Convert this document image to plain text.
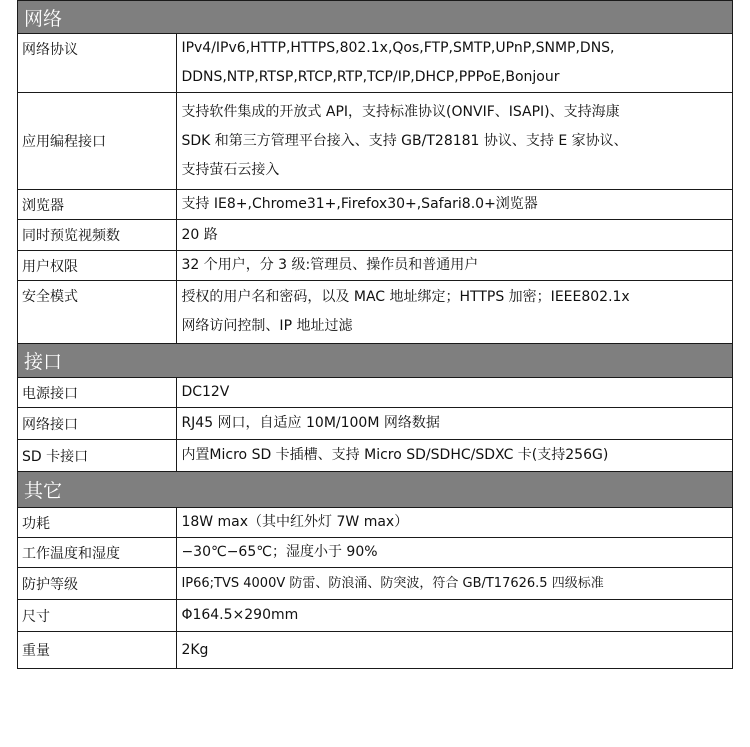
网络	
网络协议	IPv4/IPv6,HTTP,HTTPS,802.1x,Qos,FTP,SMTP,UPnP,SNMP,DNS,
DDNS,NTP,RTSP,RTCP,RTP,TCP/IP,DHCP,PPPoE,Bonjour

应用编程接口	支持软件集成的开放式 API，支持标准协议(ONVIF、ISAPI)、支持海康
SDK 和第三方管理平台接入、支持 GB/T28181 协议、支持 E 家协议、
支持萤石云接入

浏览器	支持 IE8+,Chrome31+,Firefox30+,Safari8.0+浏览器

同时预览视频数	20 路

用户权限	32 个用户，分 3 级:管理员、操作员和普通用户

安全模式	授权的用户名和密码，以及 MAC 地址绑定；HTTPS 加密；IEEE802.1x
网络访问控制、IP 地址过滤

接口	
电源接口	DC12V

网络接口	RJ45 网口，自适应 10M/100M 网络数据

SD 卡接口	内置Micro SD 卡插槽、支持 Micro SD/SDHC/SDXC 卡(支持256G)

其它	
功耗	18W max（其中红外灯 7W max）

工作温度和湿度	−30℃−65℃；湿度小于 90%

防护等级	IP66;TVS 4000V 防雷、防浪涌、防突波，符合 GB/T17626.5 四级标准

尺寸	Φ164.5×290mm

重量	2Kg
